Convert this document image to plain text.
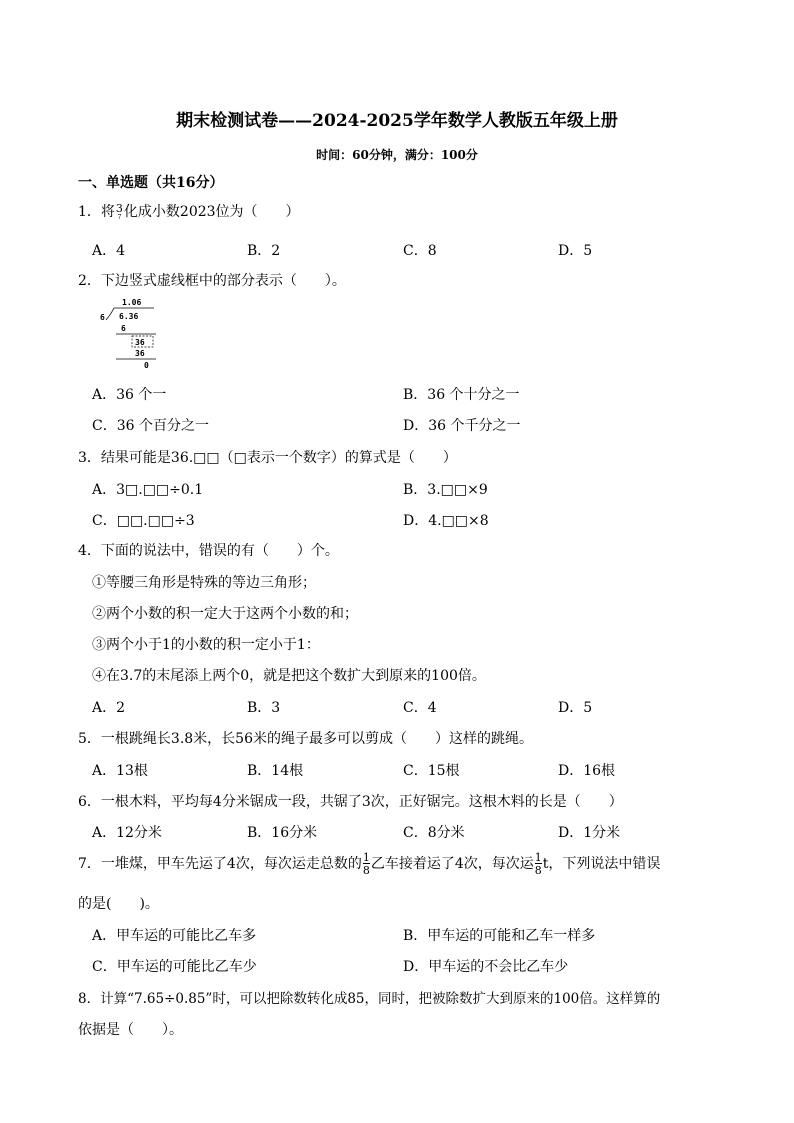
期末检测试卷——2024-2025学年数学人教版五年级上册
时间：60分钟，满分：100分
一、单选题（共16分）
1．将 3
7 化成小数2023位为（　　）
A．4	B．2	C．8	D．5
2．下边竖式虚线框中的部分表示（　　）。
1.06
6 6.36
6
36
36
0
A．36 个一	B．36 个十分之一
C．36 个百分之一	D．36 个千分之一
3．结果可能是36.□□（□表示一个数字）的算式是（　　）
A．3□.□□÷0.1	B．3.□□×9
C．□□.□□÷3	D．4.□□×8
4．下面的说法中，错误的有（　　）个。
①等腰三角形是特殊的等边三角形；
②两个小数的积一定大于这两个小数的和；
③两个小于1的小数的积一定小于1：
④在3.7的末尾添上两个0，就是把这个数扩大到原来的100倍。
A．2	B．3	C．4	D．5
5．一根跳绳长3.8米，长56米的绳子最多可以剪成（　　）这样的跳绳。
A．13根	B．14根	C．15根	D．16根
6．一根木料，平均每4分米锯成一段，共锯了3次，正好锯完。这根木料的长是（　　）
A．12分米	B．16分米	C．8分米	D．1分米
7．一堆煤，甲车先运了4次，每次运走总数的 $\frac{1}{8}$ 乙车接着运了4次，每次运 $\frac{1}{8}$ t，下列说法中错误
的是(　　)。
A．甲车运的可能比乙车多	B．甲车运的可能和乙车一样多
C．甲车运的可能比乙车少	D．甲车运的不会比乙车少
8．计算“7.65÷0.85”时，可以把除数转化成85，同时，把被除数扩大到原来的100倍。这样算的
依据是（　　）。
